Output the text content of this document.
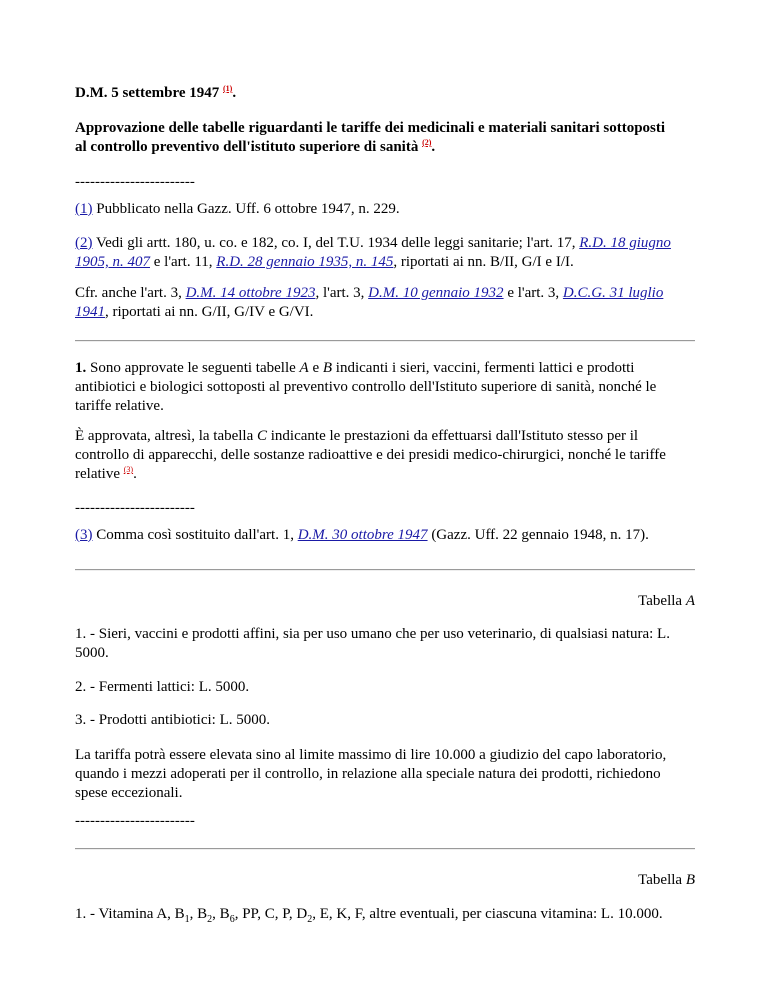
D.M. 5 settembre 1947 $^{(1)}$.

Approvazione delle tabelle riguardanti le tariffe dei medicinali e materiali sanitari sottoposti

al controllo preventivo dell'istituto superiore di sanità $^{(2)}$.

------------------------

(1) Pubblicato nella Gazz. Uff. 6 ottobre 1947, n. 229.

(2) Vedi gli artt. 180, u. co. e 182, co. I, del T.U. 1934 delle leggi sanitarie; l'art. 17, R.D. 18 giugno

1905, n. 407 e l'art. 11, R.D. 28 gennaio 1935, n. 145, riportati ai nn. B/II, G/I e I/I.

Cfr. anche l'art. 3, D.M. 14 ottobre 1923, l'art. 3, D.M. 10 gennaio 1932 e l'art. 3, D.C.G. 31 luglio

1941, riportati ai nn. G/II, G/IV e G/VI.

1. Sono approvate le seguenti tabelle A e B indicanti i sieri, vaccini, fermenti lattici e prodotti

antibiotici e biologici sottoposti al preventivo controllo dell'Istituto superiore di sanità, nonché le

tariffe relative.

È approvata, altresì, la tabella C indicante le prestazioni da effettuarsi dall'Istituto stesso per il

controllo di apparecchi, delle sostanze radioattive e dei presidi medico-chirurgici, nonché le tariffe

relative $^{(3)}$.

------------------------

(3) Comma così sostituito dall'art. 1, D.M. 30 ottobre 1947 (Gazz. Uff. 22 gennaio 1948, n. 17).

Tabella A

1. - Sieri, vaccini e prodotti affini, sia per uso umano che per uso veterinario, di qualsiasi natura: L.

5000.

2. - Fermenti lattici: L. 5000.

3. - Prodotti antibiotici: L. 5000.

La tariffa potrà essere elevata sino al limite massimo di lire 10.000 a giudizio del capo laboratorio,

quando i mezzi adoperati per il controllo, in relazione alla speciale natura dei prodotti, richiedono

spese eccezionali.

------------------------

Tabella B

1. - Vitamina A, $B_1$, $B_2$, $B_6$, PP, C, P, $D_2$, E, K, F, altre eventuali, per ciascuna vitamina: L. 10.000.
